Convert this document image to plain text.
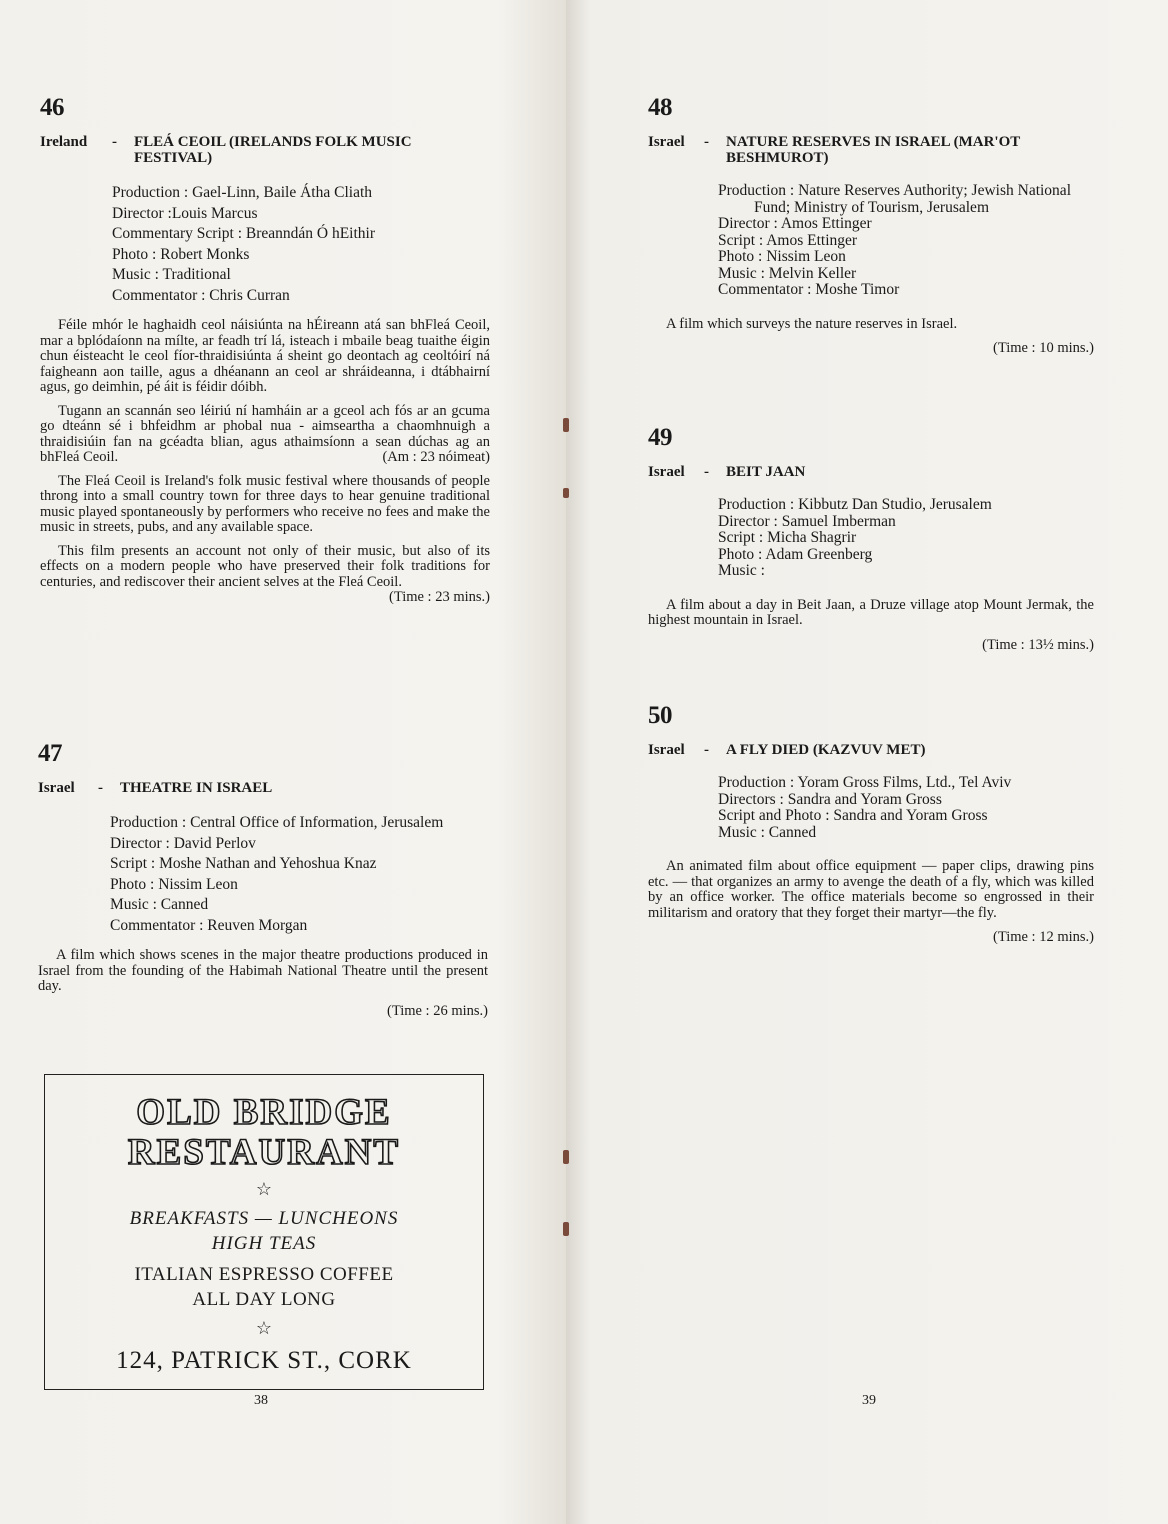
46
Ireland	-	FLEÁ CEOIL (IRELANDS FOLK MUSIC FESTIVAL)
Production : Gael-Linn, Baile Átha Cliath
Director :Louis Marcus
Commentary Script : Breanndán Ó hEithir
Photo : Robert Monks
Music : Traditional
Commentator : Chris Curran

Féile mhór le haghaidh ceol náisiúnta na hÉireann atá san bhFleá Ceoil, mar a bplódaíonn na mílte, ar feadh trí lá, isteach i mbaile beag tuaithe éigin chun éisteacht le ceol fíor-thraidisiúnta á sheint go deontach ag ceoltóirí ná faigheann aon taille, agus a dhéanann an ceol ar shráideanna, i dtábhairní agus, go deimhin, pé áit is féidir dóibh.

Tugann an scannán seo léiriú ní hamháin ar a gceol ach fós ar an gcuma go dteánn sé i bhfeidhm ar phobal nua - aimseartha a chaomhnuigh a thraidisiúin fan na gcéadta blian, agus athaimsíonn a sean dúchas ag an bhFleá Ceoil.	(Am : 23 nóimeat)

The Fleá Ceoil is Ireland's folk music festival where thousands of people throng into a small country town for three days to hear genuine traditional music played spontaneously by performers who receive no fees and make the music in streets, pubs, and any available space.

This film presents an account not only of their music, but also of its effects on a modern people who have preserved their folk traditions for centuries, and rediscover their ancient selves at the Fleá Ceoil.
(Time : 23 mins.)

47
Israel	-	THEATRE IN ISRAEL
Production : Central Office of Information, Jerusalem
Director : David Perlov
Script : Moshe Nathan and Yehoshua Knaz
Photo : Nissim Leon
Music : Canned
Commentator : Reuven Morgan

A film which shows scenes in the major theatre productions produced in Israel from the founding of the Habimah National Theatre until the present day.

(Time : 26 mins.)
OLD BRIDGE
RESTAURANT
☆
BREAKFASTS — LUNCHEONS
HIGH TEAS
ITALIAN ESPRESSO COFFEE
ALL DAY LONG
☆
124, PATRICK ST., CORK
38
48
Israel	-	NATURE RESERVES IN ISRAEL (MAR'OT BESHMUROT)
Production : Nature Reserves Authority; Jewish National Fund; Ministry of Tourism, Jerusalem
Director : Amos Ettinger
Script : Amos Ettinger
Photo : Nissim Leon
Music : Melvin Keller
Commentator : Moshe Timor

A film which surveys the nature reserves in Israel.

(Time : 10 mins.)
49
Israel	-	BEIT JAAN
Production : Kibbutz Dan Studio, Jerusalem
Director : Samuel Imberman
Script : Micha Shagrir
Photo : Adam Greenberg
Music :

A film about a day in Beit Jaan, a Druze village atop Mount Jermak, the highest mountain in Israel.

(Time : 13½ mins.)
50
Israel	-	A FLY DIED (KAZVUV MET)
Production : Yoram Gross Films, Ltd., Tel Aviv
Directors : Sandra and Yoram Gross
Script and Photo : Sandra and Yoram Gross
Music : Canned

An animated film about office equipment — paper clips, drawing pins etc. — that organizes an army to avenge the death of a fly, which was killed by an office worker. The office materials become so engrossed in their militarism and oratory that they forget their martyr—the fly.

(Time : 12 mins.)
39
